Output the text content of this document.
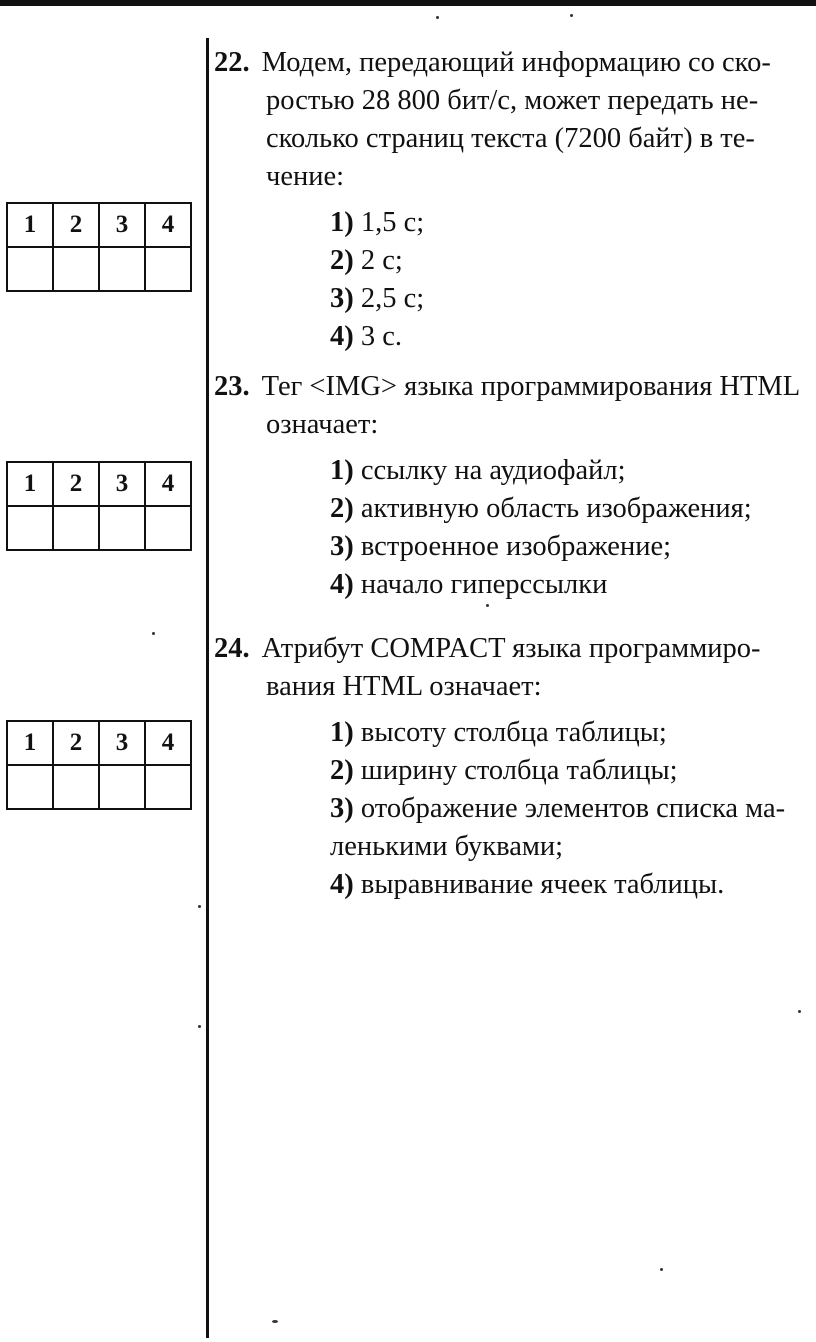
1	2	3	4

1	2	3	4

1	2	3	4

22. Модем, передающий информацию со ско-

ростью 28 800 бит/с, может передать не-
сколько страниц текста (7200 байт) в те-
чение:
1) 1,5 с;
2) 2 с;
3) 2,5 с;
4) 3 с.
23. Тег <IMG> языка программирования HTML

означает:
1) ссылку на аудиофайл;
2) активную область изображения;
3) встроенное изображение;
4) начало гиперссылки
24. Атрибут COMPACT языка программиро-

вания HTML означает:
1) высоту столбца таблицы;
2) ширину столбца таблицы;
3) отображение элементов списка ма-
ленькими буквами;
4) выравнивание ячеек таблицы.
